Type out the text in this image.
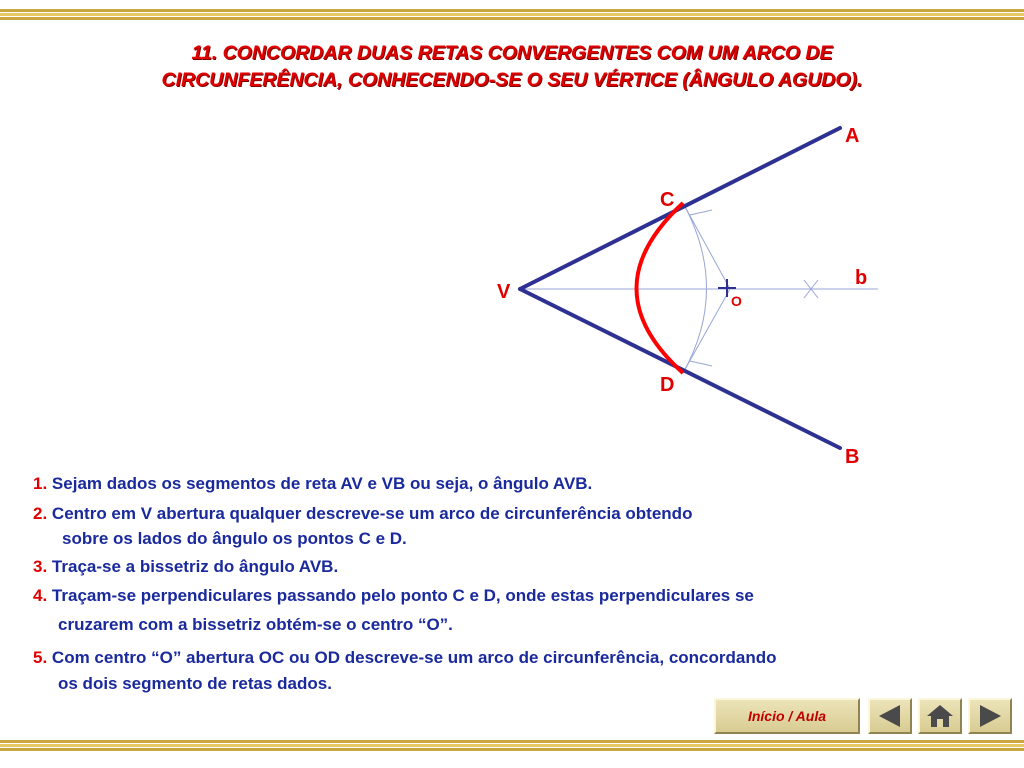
11. CONCORDAR DUAS RETAS CONVERGENTES COM UM ARCO DE
CIRCUNFERÊNCIA, CONHECENDO-SE O SEU VÉRTICE (ÂNGULO AGUDO).
A
B
C
D
V
b
O
1. Sejam dados os segmentos de reta AV e VB ou seja, o ângulo AVB.
2. Centro em V abertura qualquer descreve-se um arco de circunferência obtendo
sobre os lados do ângulo os pontos C e D.
3. Traça-se a bissetriz do ângulo AVB.
4. Traçam-se perpendiculares passando pelo ponto C e D, onde estas perpendiculares se
cruzarem com a bissetriz obtém-se o centro “O”.
5. Com centro “O” abertura OC ou OD descreve-se um arco de circunferência, concordando
os dois segmento de retas dados.
Início / Aula
